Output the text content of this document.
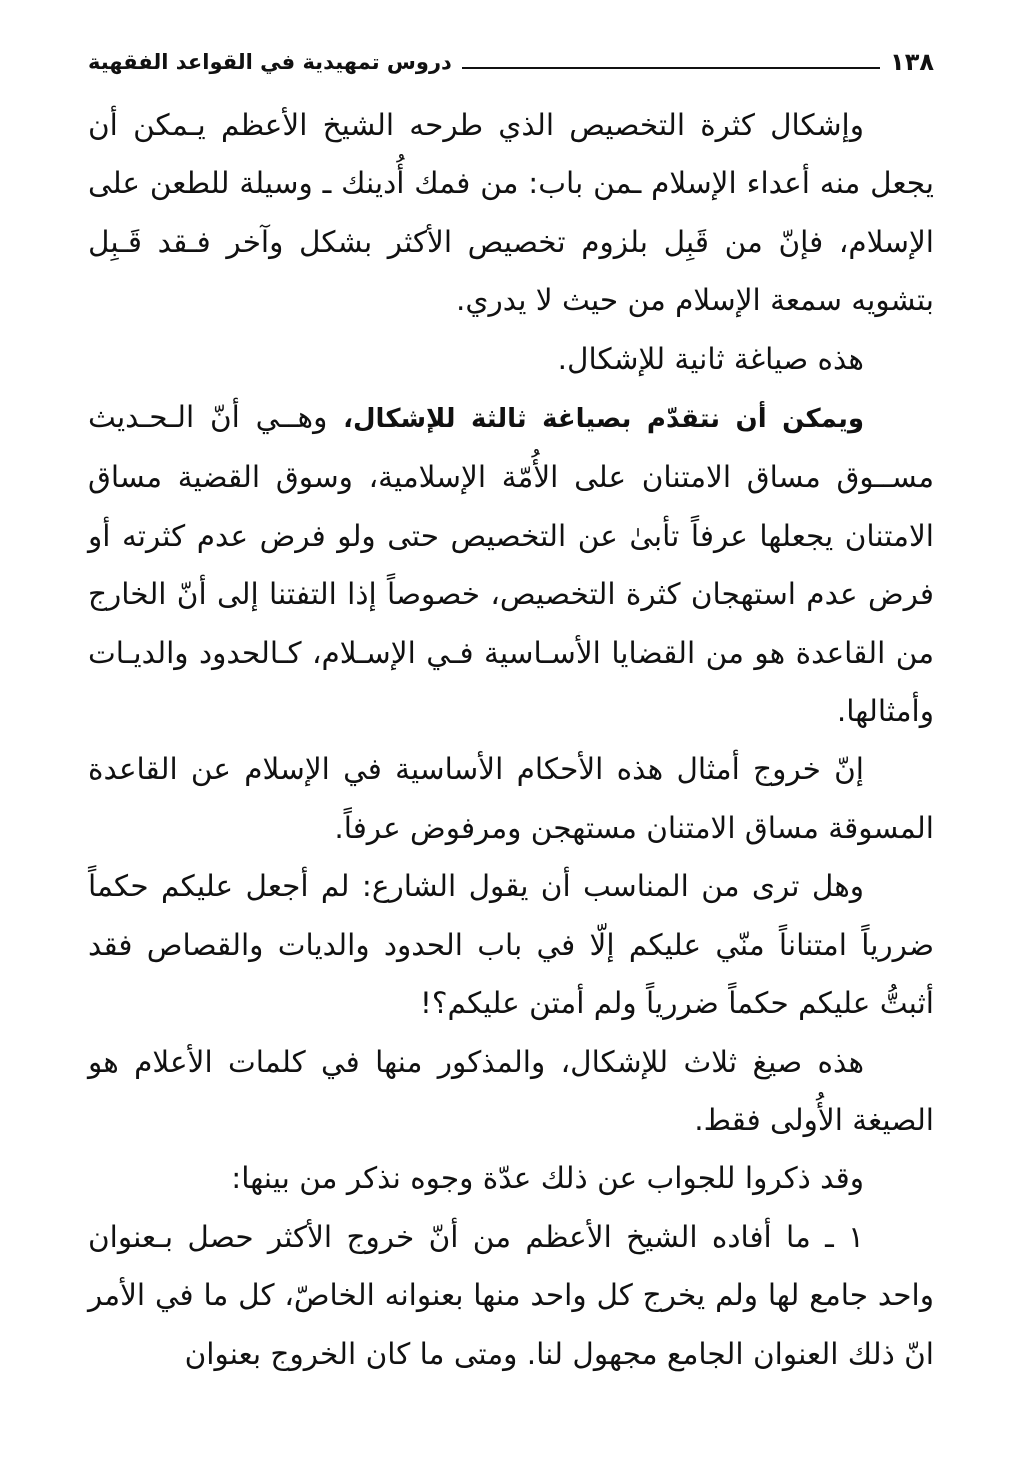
١٣٨
دروس تمهيدية في القواعد الفقهية

وإشكال كثرة التخصيص الذي طرحه الشيخ الأعظم يـمكن أن يجعل منه أعداء الإسلام ـمن باب: من فمك أُدينك ـ وسيلة للطعن على الإسلام، فإنّ من قَبِل بلزوم تخصيص الأكثر بشكل وآخر فـقد قَـبِل بتشويه سمعة الإسلام من حيث لا يدري.

هذه صياغة ثانية للإشكال.

ويمكن أن نتقدّم بصياغة ثالثة للإشكال، وهــي أنّ الـحـديث مســوق مساق الامتنان على الأُمّة الإسلامية، وسوق القضية مساق الامتنان يجعلها عرفاً تأبىٰ عن التخصيص حتى ولو فرض عدم كثرته أو فرض عدم استهجان كثرة التخصيص، خصوصاً إذا التفتنا إلى أنّ الخارج من القاعدة هو من القضايا الأسـاسية فـي الإسـلام، كـالحدود والديـات وأمثالها.

إنّ خروج أمثال هذه الأحكام الأساسية في الإسلام عن القاعدة المسوقة مساق الامتنان مستهجن ومرفوض عرفاً.

وهل ترى من المناسب أن يقول الشارع: لم أجعل عليكم حكماً ضررياً امتناناً منّي عليكم إلّا في باب الحدود والديات والقصاص فقد أثبتُّ عليكم حكماً ضررياً ولم أمتن عليكم؟!

هذه صيغ ثلاث للإشكال، والمذكور منها في كلمات الأعلام هو الصيغة الأُولى فقط.

وقد ذكروا للجواب عن ذلك عدّة وجوه نذكر من بينها:

١ ـ ما أفاده الشيخ الأعظم من أنّ خروج الأكثر حصل بـعنوان واحد جامع لها ولم يخرج كل واحد منها بعنوانه الخاصّ، كل ما في الأمر انّ ذلك العنوان الجامع مجهول لنا. ومتى ما كان الخروج بعنوان
